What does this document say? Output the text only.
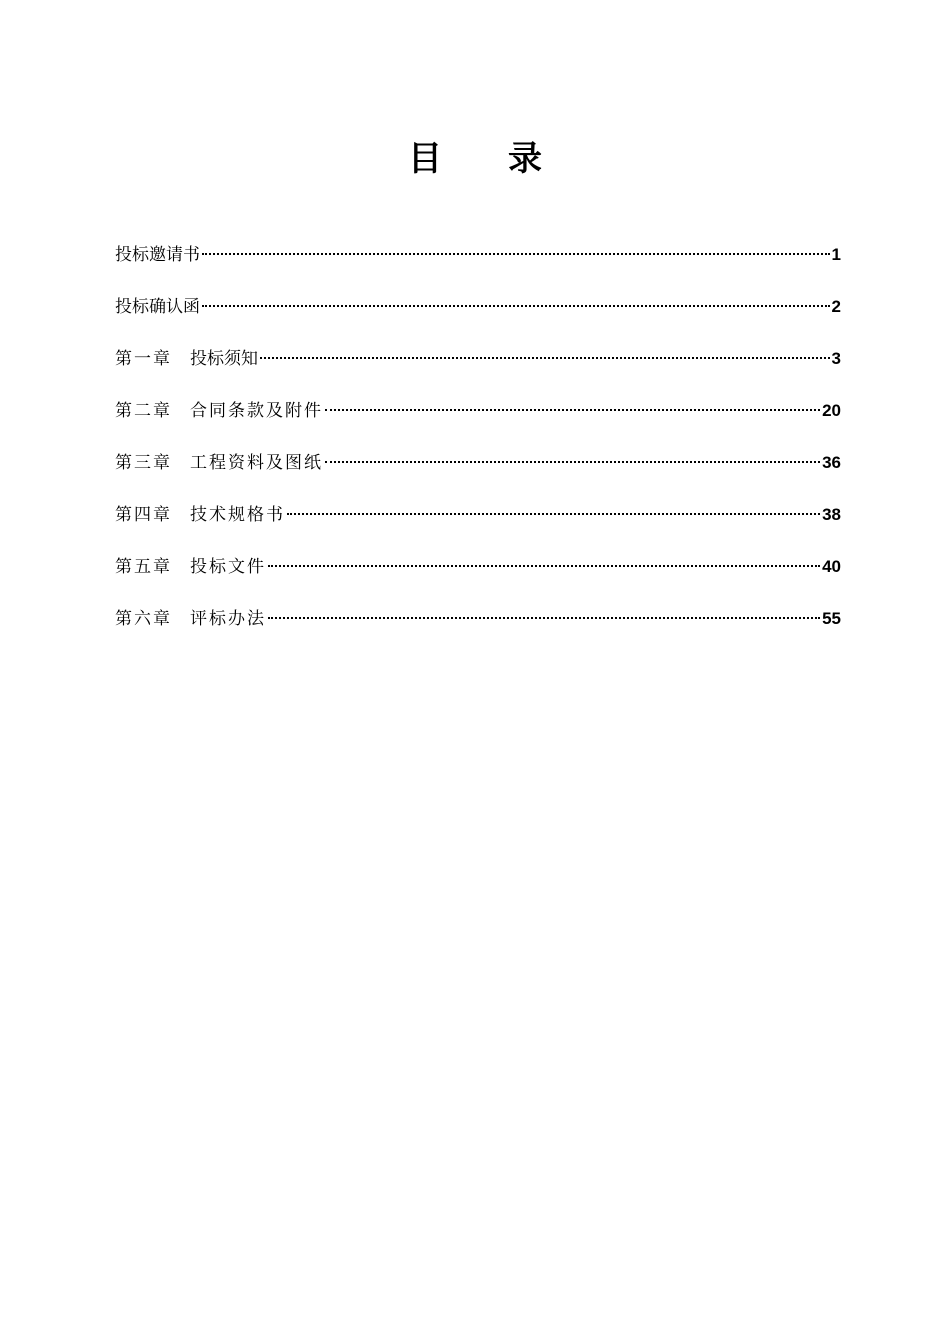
目 录
投标邀请书	1
投标确认函	2
第一章 投标须知	3
第二章 合同条款及附件	20
第三章 工程资料及图纸	36
第四章 技术规格书	38
第五章 投标文件	40
第六章 评标办法	55
